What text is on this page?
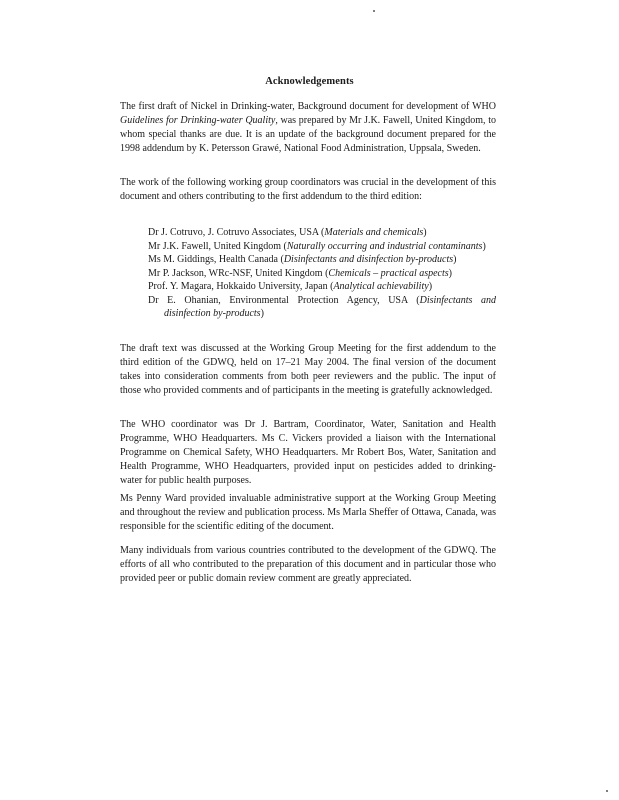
Acknowledgements
The first draft of Nickel in Drinking-water, Background document for development of WHO Guidelines for Drinking-water Quality, was prepared by Mr J.K. Fawell, United Kingdom, to whom special thanks are due. It is an update of the background document prepared for the 1998 addendum by K. Petersson Grawé, National Food Administration, Uppsala, Sweden.
The work of the following working group coordinators was crucial in the development of this document and others contributing to the first addendum to the third edition:
Dr J. Cotruvo, J. Cotruvo Associates, USA (Materials and chemicals)
Mr J.K. Fawell, United Kingdom (Naturally occurring and industrial contaminants)
Ms M. Giddings, Health Canada (Disinfectants and disinfection by-products)
Mr P. Jackson, WRc-NSF, United Kingdom (Chemicals – practical aspects)
Prof. Y. Magara, Hokkaido University, Japan (Analytical achievability)
Dr E. Ohanian, Environmental Protection Agency, USA (Disinfectants and disinfection by-products)
The draft text was discussed at the Working Group Meeting for the first addendum to the third edition of the GDWQ, held on 17–21 May 2004. The final version of the document takes into consideration comments from both peer reviewers and the public. The input of those who provided comments and of participants in the meeting is gratefully acknowledged.
The WHO coordinator was Dr J. Bartram, Coordinator, Water, Sanitation and Health Programme, WHO Headquarters. Ms C. Vickers provided a liaison with the International Programme on Chemical Safety, WHO Headquarters. Mr Robert Bos, Water, Sanitation and Health Programme, WHO Headquarters, provided input on pesticides added to drinking-water for public health purposes.
Ms Penny Ward provided invaluable administrative support at the Working Group Meeting and throughout the review and publication process. Ms Marla Sheffer of Ottawa, Canada, was responsible for the scientific editing of the document.
Many individuals from various countries contributed to the development of the GDWQ. The efforts of all who contributed to the preparation of this document and in particular those who provided peer or public domain review comment are greatly appreciated.
